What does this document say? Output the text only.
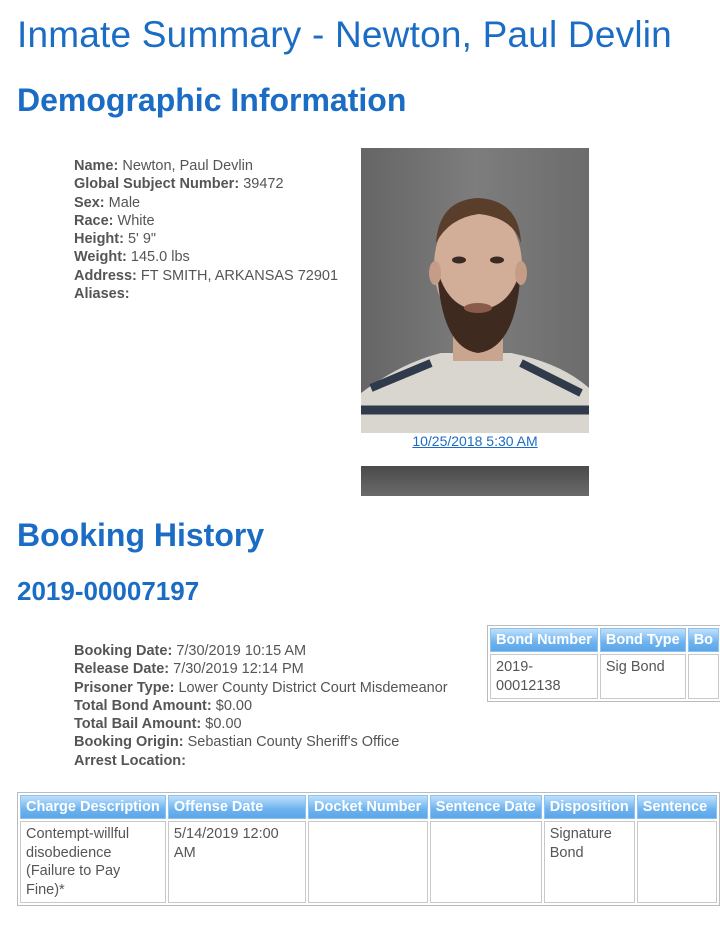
Inmate Summary - Newton, Paul Devlin
Demographic Information
Name: Newton, Paul Devlin
Global Subject Number: 39472
Sex: Male
Race: White
Height: 5' 9"
Weight: 145.0 lbs
Address: FT SMITH, ARKANSAS 72901
Aliases:
10/25/2018 5:30 AM
Booking History
2019-00007197
Booking Date: 7/30/2019 10:15 AM
Release Date: 7/30/2019 12:14 PM
Prisoner Type: Lower County District Court Misdemeanor
Total Bond Amount: $0.00
Total Bail Amount: $0.00
Booking Origin: Sebastian County Sheriff's Office
Arrest Location:
Bond Number	Bond Type	Bo
2019-00012138	Sig Bond	
Charge Description	Offense Date	Docket Number	Sentence Date	Disposition	Sentence
Contempt-willful disobedience (Failure to Pay Fine)*	5/14/2019 12:00 AM			Signature Bond	
